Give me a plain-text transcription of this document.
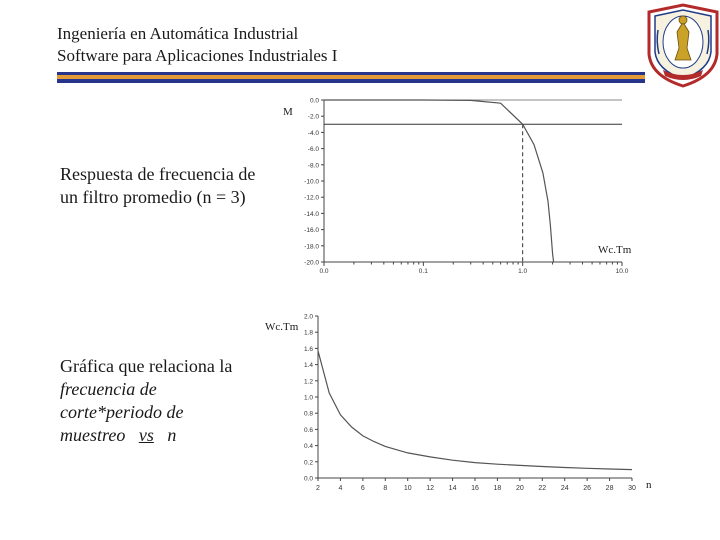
Ingeniería en Automática Industrial
Software para Aplicaciones Industriales I
0.0
-2.0
-4.0
-6.0
-8.0
-10.0
-12.0
-14.0
-16.0
-18.0
-20.0
0.0	0.1	1.0	10.0
0.0
0.2
0.4
0.6
0.8
1.0
1.2
1.4
1.6
1.8
2.0
2	4	6	8 10 12 14 16 18 20 22 24 26 28 30
M
Wc.Tm
Wc.Tm
n
Respuesta de frecuencia de
un filtro promedio (n = 3)
Gráfica que relaciona la
frecuencia de
corte*periodo de
muestreo vs n
